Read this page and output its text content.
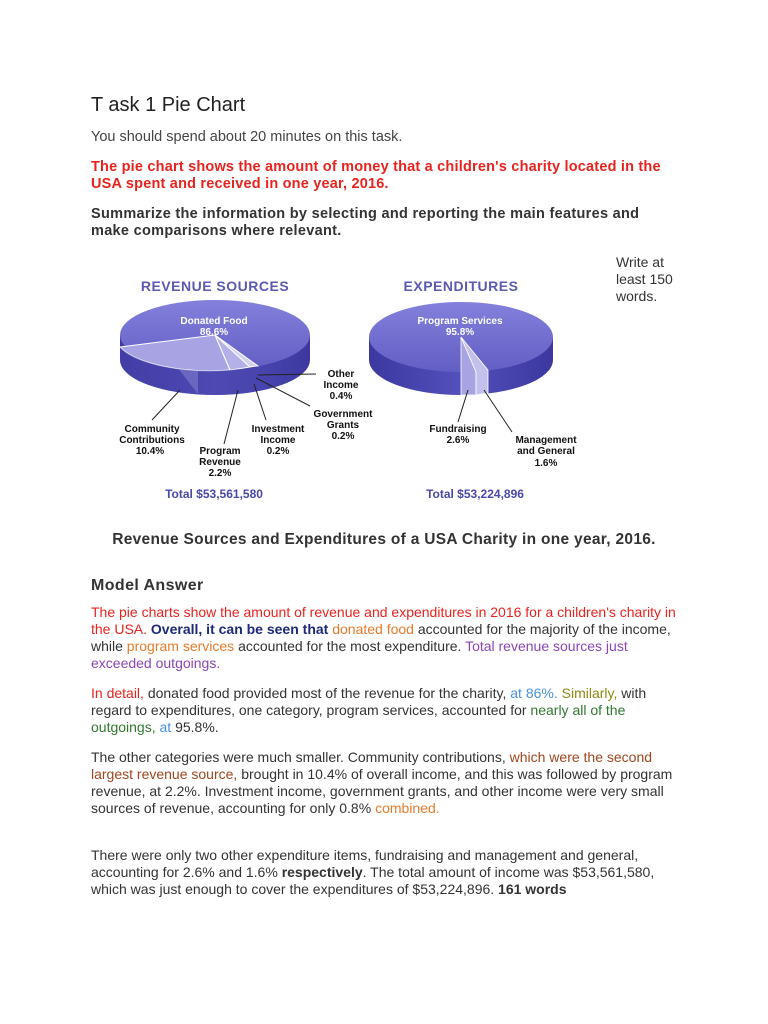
T ask 1 Pie Chart

You should spend about 20 minutes on this task.

The pie chart shows the amount of money that a children's charity located in the USA spent and received in one year, 2016.

Summarize the information by selecting and reporting the main features and make comparisons where relevant.

Write at least 150 words.

REVENUE SOURCES
Donated Food
86.6%
Community
Contributions
10.4%	Program
Revenue
2.2%
Investment
Income
0.2%
Government
Grants
0.2%
Other
Income
0.4%
Total $53,561,580
EXPENDITURES
Program Services
95.8%
Fundraising
2.6%	Management
and General
1.6%
Total $53,224,896

Revenue Sources and Expenditures of a USA Charity in one year, 2016.

Model Answer

The pie charts show the amount of revenue and expenditures in 2016 for a children's charity in the USA. Overall, it can be seen that donated food accounted for the majority of the income, while program services accounted for the most expenditure. Total revenue sources just exceeded outgoings.

In detail, donated food provided most of the revenue for the charity, at 86%. Similarly, with regard to expenditures, one category, program services, accounted for nearly all of the outgoings, at 95.8%.

The other categories were much smaller. Community contributions, which were the second largest revenue source, brought in 10.4% of overall income, and this was followed by program revenue, at 2.2%. Investment income, government grants, and other income were very small sources of revenue, accounting for only 0.8% combined.

There were only two other expenditure items, fundraising and management and general, accounting for 2.6% and 1.6% respectively. The total amount of income was $53,561,580, which was just enough to cover the expenditures of $53,224,896. 161 words
